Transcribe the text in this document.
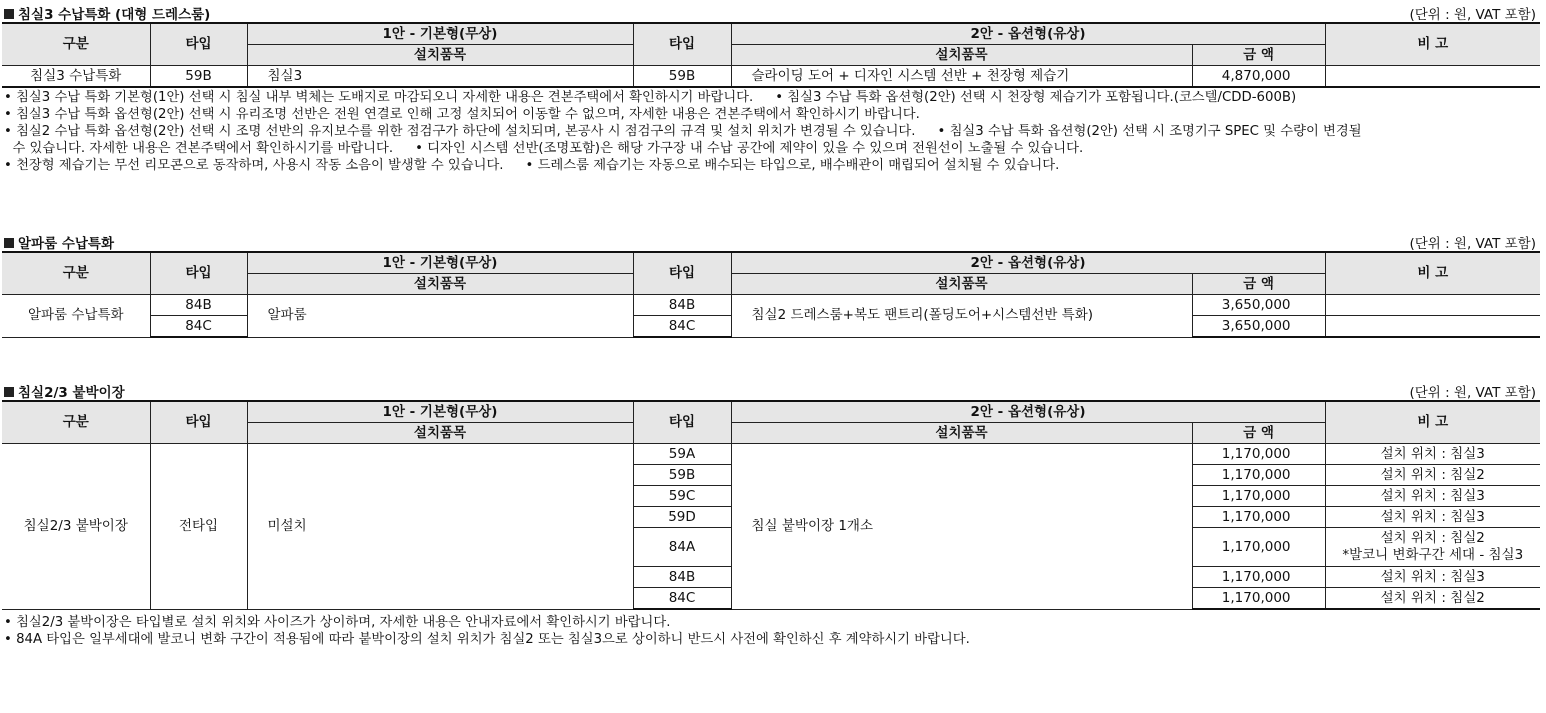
침실3 수납특화 (대형 드레스룸)	(단위 : 원, VAT 포함)
구분	타입	1안 - 기본형(무상)	타입	2안 - 옵션형(유상)		비 고
		설치품목		설치품목	금 액	
침실3 수납특화	59B	침실3	59B	슬라이딩 도어 + 디자인 시스템 선반 + 천장형 제습기	4,870,000	
• 침실3 수납 특화 기본형(1안) 선택 시 침실 내부 벽체는 도배지로 마감되오니 자세한 내용은 견본주택에서 확인하시기 바랍니다. • 침실3 수납 특화 옵션형(2안) 선택 시 천장형 제습기가 포함됩니다.(코스텔/CDD-600B)
• 침실3 수납 특화 옵션형(2안) 선택 시 유리조명 선반은 전원 연결로 인해 고정 설치되어 이동할 수 없으며, 자세한 내용은 견본주택에서 확인하시기 바랍니다.
• 침실2 수납 특화 옵션형(2안) 선택 시 조명 선반의 유지보수를 위한 점검구가 하단에 설치되며, 본공사 시 점검구의 규격 및 설치 위치가 변경될 수 있습니다. • 침실3 수납 특화 옵션형(2안) 선택 시 조명기구 SPEC 및 수량이 변경될
수 있습니다. 자세한 내용은 견본주택에서 확인하시기를 바랍니다. • 디자인 시스템 선반(조명포함)은 해당 가구장 내 수납 공간에 제약이 있을 수 있으며 전원선이 노출될 수 있습니다.
• 천장형 제습기는 무선 리모콘으로 동작하며, 사용시 작동 소음이 발생할 수 있습니다. • 드레스룸 제습기는 자동으로 배수되는 타입으로, 배수배관이 매립되어 설치될 수 있습니다.
알파룸 수납특화	(단위 : 원, VAT 포함)
구분	타입	1안 - 기본형(무상)	타입	2안 - 옵션형(유상)		비 고
		설치품목		설치품목	금 액	
알파룸 수납특화	84B	알파룸	84B	침실2 드레스룸+복도 팬트리(폴딩도어+시스템선반 특화)	3,650,000	
	84C		84C		3,650,000	
침실2/3 붙박이장	(단위 : 원, VAT 포함)
구분	타입	1안 - 기본형(무상)	타입	2안 - 옵션형(유상)		비 고
		설치품목		설치품목	금 액	
침실2/3 붙박이장	전타입	미설치	59A	침실 붙박이장 1개소	1,170,000	설치 위치 : 침실3
			59B		1,170,000	설치 위치 : 침실2
			59C		1,170,000	설치 위치 : 침실3
			59D		1,170,000	설치 위치 : 침실3
			84A		1,170,000	설치 위치 : 침실2
*발코니 변화구간 세대 - 침실3

			84B		1,170,000	설치 위치 : 침실3
			84C		1,170,000	설치 위치 : 침실2
• 침실2/3 붙박이장은 타입별로 설치 위치와 사이즈가 상이하며, 자세한 내용은 안내자료에서 확인하시기 바랍니다.
• 84A 타입은 일부세대에 발코니 변화 구간이 적용됨에 따라 붙박이장의 설치 위치가 침실2 또는 침실3으로 상이하니 반드시 사전에 확인하신 후 계약하시기 바랍니다.
